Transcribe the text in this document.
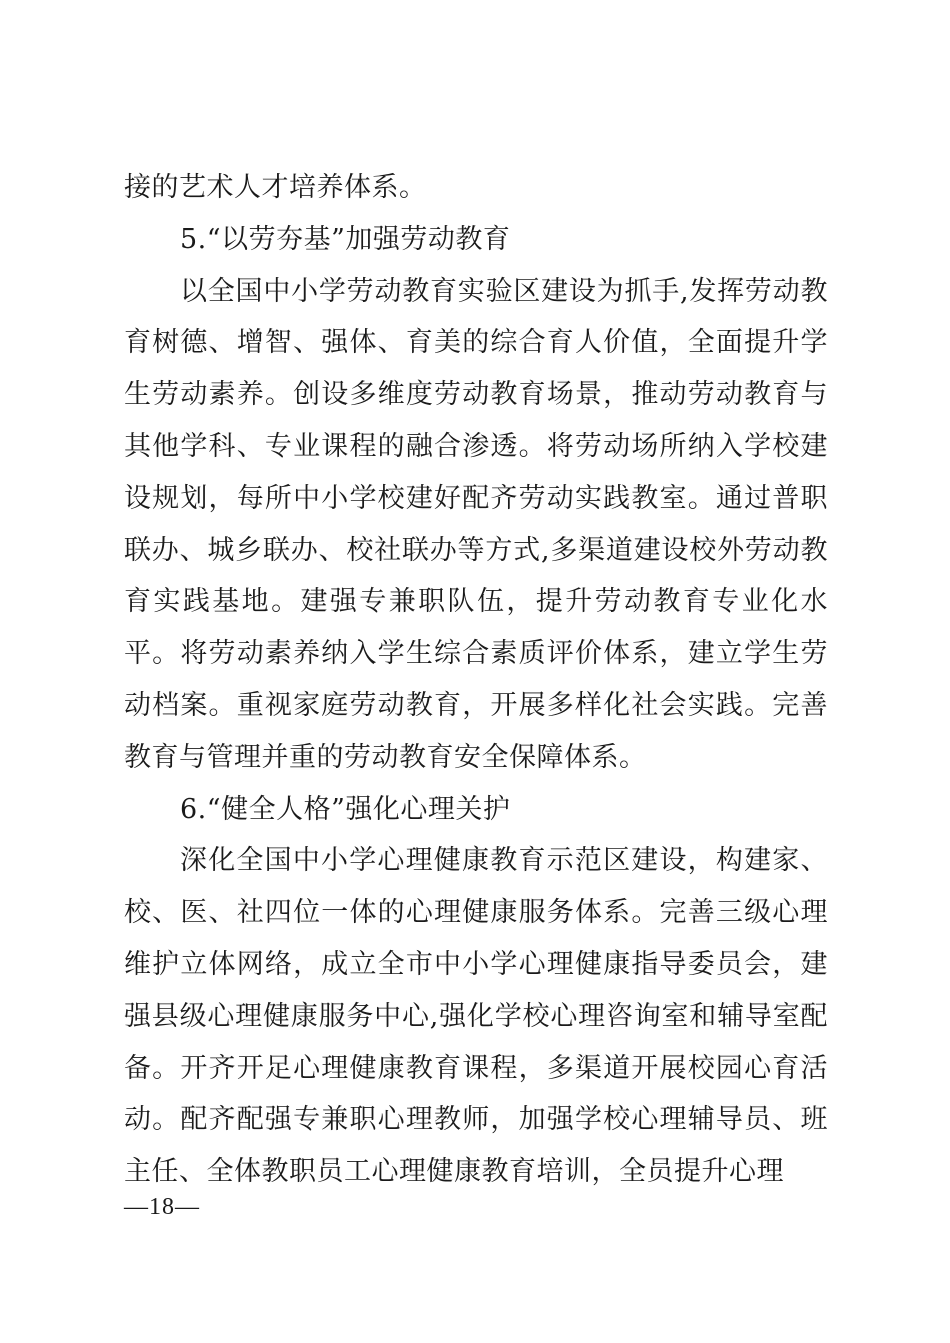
接的艺术人才培养体系。

5.“以劳夯基”加强劳动教育

以全国中小学劳动教育实验区建设为抓手,发挥劳动教育树德、增智、强体、育美的综合育人价值，全面提升学生劳动素养。创设多维度劳动教育场景，推动劳动教育与其他学科、专业课程的融合渗透。将劳动场所纳入学校建设规划，每所中小学校建好配齐劳动实践教室。通过普职联办、城乡联办、校社联办等方式,多渠道建设校外劳动教育实践基地。建强专兼职队伍，提升劳动教育专业化水平。将劳动素养纳入学生综合素质评价体系，建立学生劳动档案。重视家庭劳动教育，开展多样化社会实践。完善教育与管理并重的劳动教育安全保障体系。

6.“健全人格”强化心理关护

深化全国中小学心理健康教育示范区建设，构建家、校、医、社四位一体的心理健康服务体系。完善三级心理维护立体网络，成立全市中小学心理健康指导委员会，建强县级心理健康服务中心,强化学校心理咨询室和辅导室配备。开齐开足心理健康教育课程，多渠道开展校园心育活动。配齐配强专兼职心理教师，加强学校心理辅导员、班主任、全体教职员工心理健康教育培训，全员提升心理

—18—
